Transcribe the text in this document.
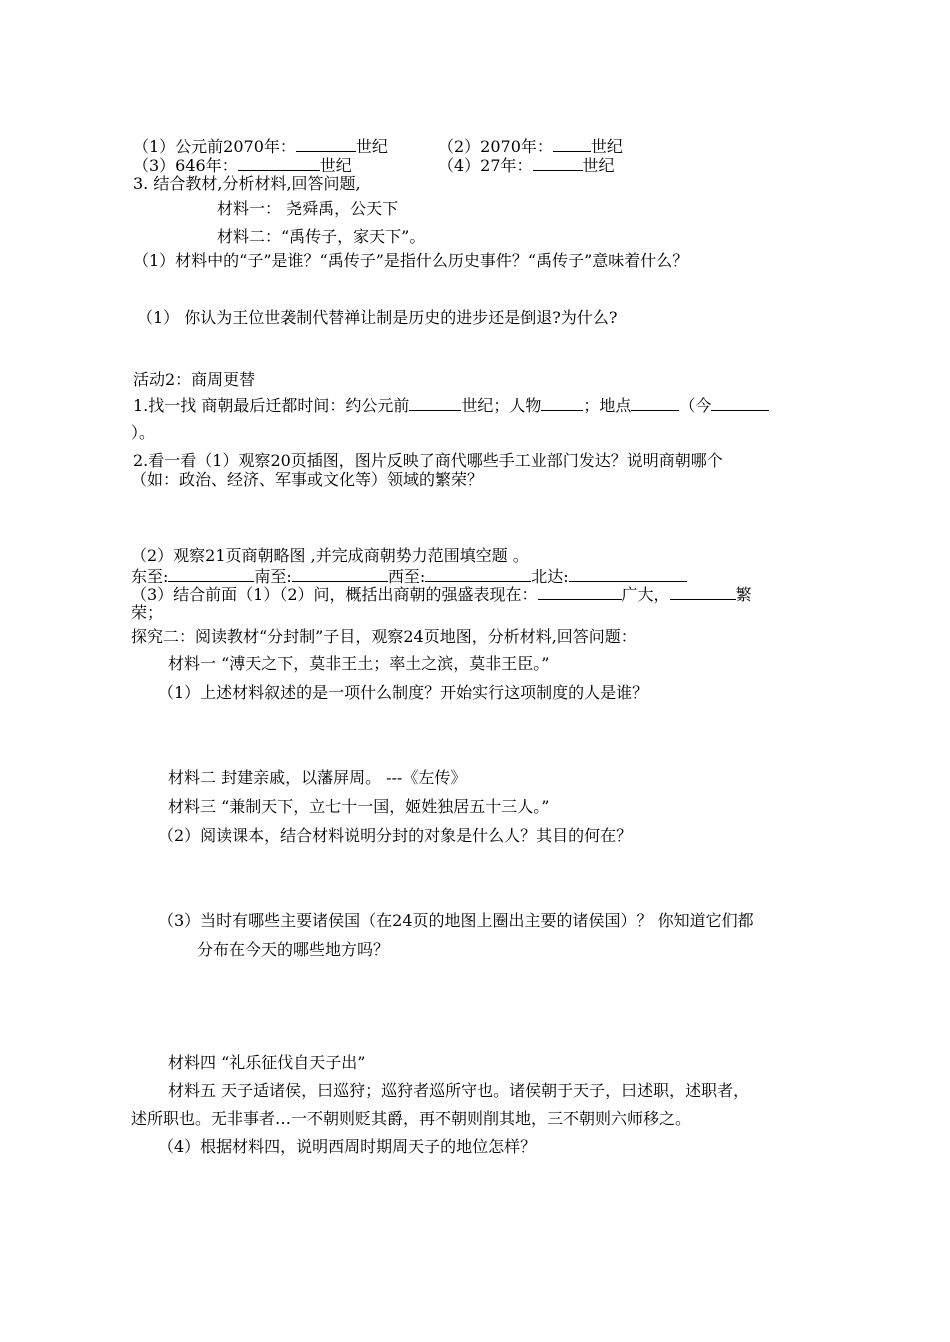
（1）公元前2070年：	世纪	（2）2070年： 世纪
（3）646年：	世纪	（4）27年：	世纪
3. 结合教材,分析材料,回答问题,
材料一： 尧舜禹，公天下
材料二：“禹传子，家天下”。
（1）材料中的“子”是谁？“禹传子”是指什么历史事件？“禹传子”意味着什么？
（1） 你认为王位世袭制代替禅让制是历史的进步还是倒退?为什么?
活动2：商周更替
1.找一找 商朝最后迁都时间：约公元前	世纪；人物	；地点	（今
）。
2.看一看（1）观察20页插图，图片反映了商代哪些手工业部门发达？说明商朝哪个
（如：政治、经济、军事或文化等）领域的繁荣？
（2）观察21页商朝略图 ,并完成商朝势力范围填空题 。
东至:	南至:	西至:	北达:
（3）结合前面（1）（2）问，概括出商朝的强盛表现在：	广大，	繁
荣；
探究二：阅读教材“分封制”子目，观察24页地图，分析材料,回答问题：
材料一 “溥天之下，莫非王土；率土之滨，莫非王臣。”
（1）上述材料叙述的是一项什么制度？开始实行这项制度的人是谁？
材料二 封建亲戚，以藩屏周。 ---《左传》
材料三 “兼制天下，立七十一国，姬姓独居五十三人。”
（2）阅读课本，结合材料说明分封的对象是什么人？其目的何在？
（3）当时有哪些主要诸侯国（在24页的地图上圈出主要的诸侯国）？ 你知道它们都
分布在今天的哪些地方吗？
材料四 “礼乐征伐自天子出”
材料五 天子适诸侯，曰巡狩；巡狩者巡所守也。诸侯朝于天子，曰述职，述职者，
述所职也。无非事者…一不朝则贬其爵，再不朝则削其地，三不朝则六师移之。
（4）根据材料四，说明西周时期周天子的地位怎样？
